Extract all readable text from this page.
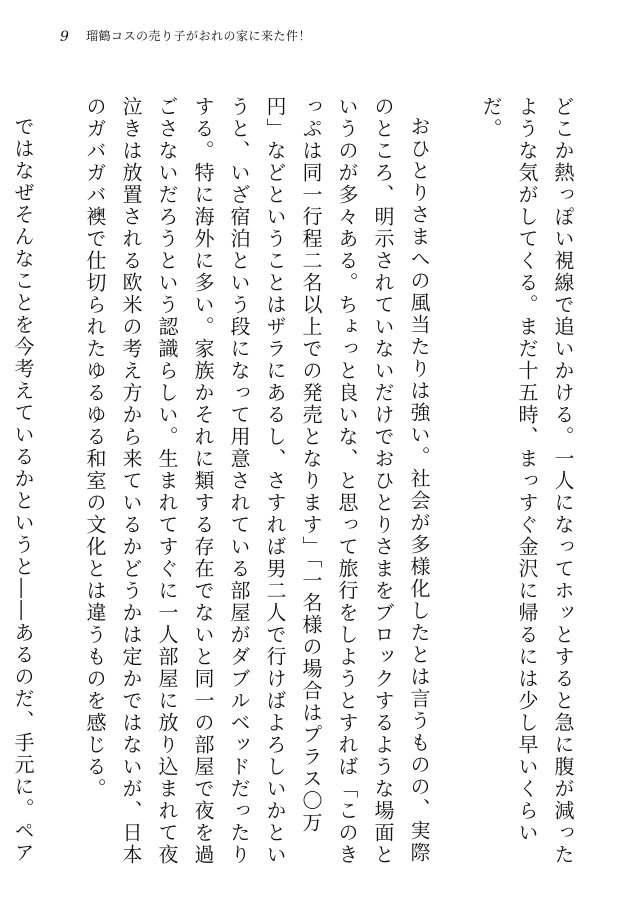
9 瑠鶴コスの売り子がおれの家に来た件！

どこか熱っぽい視線で追いかける。一人になってホッとすると急に腹が減ったような気がしてくる。まだ十五時、まっすぐ金沢に帰るには少し早いくらいだ。

おひとりさまへの風当たりは強い。社会が多様化したとは言うものの、実際のところ、明示されていないだけでおひとりさまをブロックするような場面というのが多々ある。ちょっと良いな、と思って旅行をしようとすれば「このきっぷは同一行程二名以上での発売となります」「一名様の場合はプラス〇万円」などということはザラにあるし、さすれば男二人で行けばよろしいかというと、いざ宿泊という段になって用意されている部屋がダブルベッドだったりする。特に海外に多い。家族かそれに類する存在でないと同一の部屋で夜を過ごさないだろうという認識らしい。生まれてすぐに一人部屋に放り込まれて夜泣きは放置される欧米の考え方から来ているかどうかは定かではないが、日本のガバガバ襖で仕切られたゆるゆる和室の文化とは違うものを感じる。

ではなぜそんなことを今考えているかというと――あるのだ、手元に。ペア
